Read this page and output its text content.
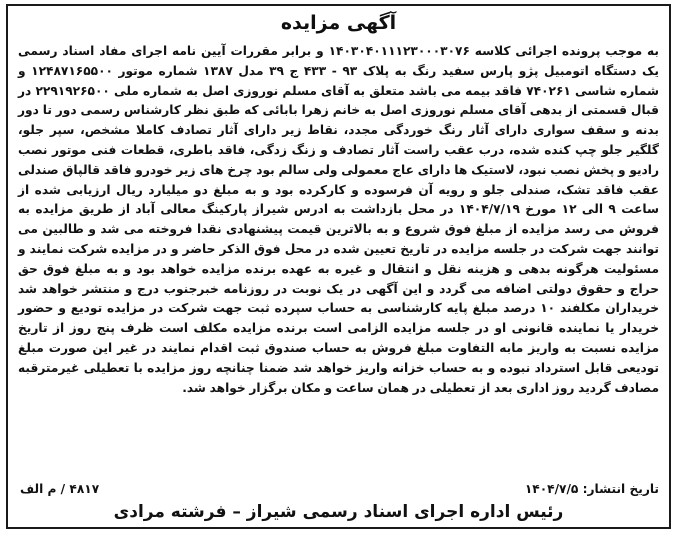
آگهی مزایده

به موجب پرونده اجرائی کلاسه ۱۴۰۳۰۴۰۱۱۱۲۳۰۰۰۳۰۷۶ و برابر مقررات آیین نامه اجرای مفاد اسناد رسمی یک دستگاه اتومبیل پژو پارس سفید رنگ به پلاک ۹۳ - ۴۳۳ ج ۳۹ مدل ۱۳۸۷ شماره موتور ۱۲۴۸۷۱۶۵۵۰۰ و شماره شاسی ۷۴۰۲۶۱ فاقد بیمه می باشد متعلق به آقای مسلم نوروزی اصل به شماره ملی ۲۲۹۱۹۲۶۵۰۰ در قبال قسمتی از بدهی آقای مسلم نوروزی اصل به خانم زهرا بابائی که طبق نظر کارشناس رسمی دور تا دور بدنه و سقف سواری دارای آثار رنگ خوردگی مجدد، نقاط زیر دارای آثار تصادف کاملا مشخص، سپر جلو، گلگیر جلو چپ کنده شده، درب عقب راست آثار تصادف و زنگ زدگی، فاقد باطری، قطعات فنی موتور نصب رادیو و پخش نصب نبود، لاستیک ها دارای عاج معمولی ولی سالم بود چرخ های زیر خودرو فاقد قالپاق صندلی عقب فاقد تشک، صندلی جلو و رویه آن فرسوده و کارکرده بود و به مبلغ دو میلیارد ریال ارزیابی شده از ساعت ۹ الی ۱۲ مورخ ۱۴۰۴/۷/۱۹ در محل بازداشت به ادرس شیراز پارکینگ معالی آباد از طریق مزایده به فروش می رسد مزایده از مبلغ فوق شروع و به بالاترین قیمت پیشنهادی نقدا فروخته می شد و طالبین می توانند جهت شرکت در جلسه مزایده در تاریخ تعیین شده در محل فوق الذکر حاضر و در مزایده شرکت نمایند و مسئولیت هرگونه بدهی و هزینه نقل و انتقال و غیره به عهده برنده مزایده خواهد بود و به مبلغ فوق حق حراج و حقوق دولتی اضافه می گردد و این آگهی در یک نوبت در روزنامه خبرجنوب درج و منتشر خواهد شد خریداران مکلفند ۱۰ درصد مبلغ پایه کارشناسی به حساب سپرده ثبت جهت شرکت در مزایده تودیع و حضور خریدار یا نماینده قانونی او در جلسه مزایده الزامی است برنده مزایده مکلف است ظرف پنج روز از تاریخ مزایده نسبت به واریز مابه التفاوت مبلغ فروش به حساب صندوق ثبت اقدام نمایند در غیر این صورت مبلغ تودیعی قابل استرداد نبوده و به حساب خزانه واریز خواهد شد ضمنا چنانچه روز مزایده با تعطیلی غیرمترقبه مصادف گردید روز اداری بعد از تعطیلی در همان ساعت و مکان برگزار خواهد شد.

تاریخ انتشار: ۱۴۰۴/۷/۵
۴۸۱۷ / م الف
رئیس اداره اجرای اسناد رسمی شیراز – فرشته مرادی
